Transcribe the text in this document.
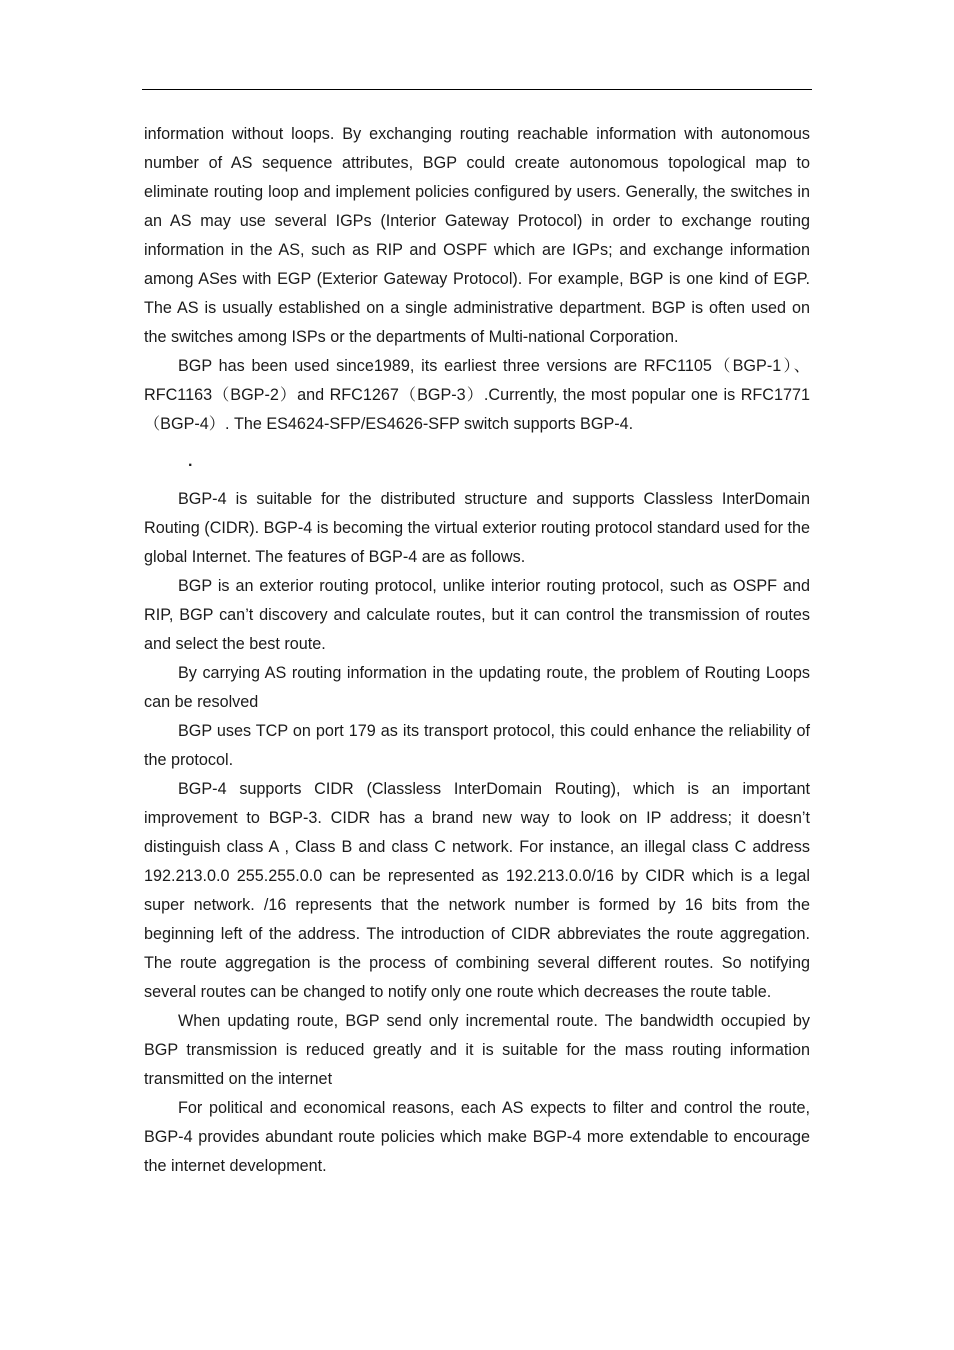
information without loops. By exchanging routing reachable information with autonomous number of AS sequence attributes, BGP could create autonomous topological map to eliminate routing loop and implement policies configured by users. Generally, the switches in an AS may use several IGPs (Interior Gateway Protocol) in order to exchange routing information in the AS, such as RIP and OSPF which are IGPs; and exchange information among ASes with EGP (Exterior Gateway Protocol). For example, BGP is one kind of EGP. The AS is usually established on a single administrative department. BGP is often used on the switches among ISPs or the departments of Multi-national Corporation.

BGP has been used since1989, its earliest three versions are RFC1105（BGP-1）、RFC1163（BGP-2）and RFC1267（BGP-3）.Currently, the most popular one is RFC1771（BGP-4）. The ES4624-SFP/ES4626-SFP switch supports BGP-4.

·

BGP-4 is suitable for the distributed structure and supports Classless InterDomain Routing (CIDR). BGP-4 is becoming the virtual exterior routing protocol standard used for the global Internet. The features of BGP-4 are as follows.

BGP is an exterior routing protocol, unlike interior routing protocol, such as OSPF and RIP, BGP can’t discovery and calculate routes, but it can control the transmission of routes and select the best route.

By carrying AS routing information in the updating route, the problem of Routing Loops can be resolved

BGP uses TCP on port 179 as its transport protocol, this could enhance the reliability of the protocol.

BGP-4 supports CIDR (Classless InterDomain Routing), which is an important improvement to BGP-3. CIDR has a brand new way to look on IP address; it doesn’t distinguish class A , Class B and class C network. For instance, an illegal class C address 192.213.0.0 255.255.0.0 can be represented as 192.213.0.0/16 by CIDR which is a legal super network. /16 represents that the network number is formed by 16 bits from the beginning left of the address. The introduction of CIDR abbreviates the route aggregation. The route aggregation is the process of combining several different routes. So notifying several routes can be changed to notify only one route which decreases the route table.

When updating route, BGP send only incremental route. The bandwidth occupied by BGP transmission is reduced greatly and it is suitable for the mass routing information transmitted on the internet

For political and economical reasons, each AS expects to filter and control the route, BGP-4 provides abundant route policies which make BGP-4 more extendable to encourage the internet development.
